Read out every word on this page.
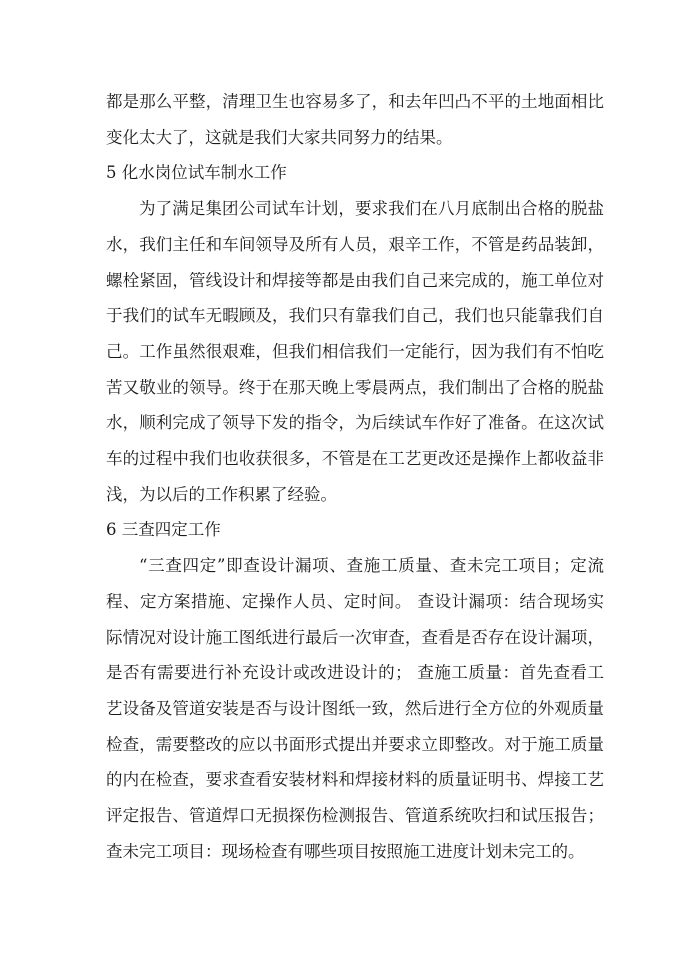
都是那么平整，清理卫生也容易多了，和去年凹凸不平的土地面相比变化太大了，这就是我们大家共同努力的结果。

5 化水岗位试车制水工作

为了满足集团公司试车计划，要求我们在八月底制出合格的脱盐水，我们主任和车间领导及所有人员，艰辛工作，不管是药品装卸，螺栓紧固，管线设计和焊接等都是由我们自己来完成的，施工单位对于我们的试车无暇顾及，我们只有靠我们自己，我们也只能靠我们自己。工作虽然很艰难，但我们相信我们一定能行，因为我们有不怕吃苦又敬业的领导。终于在那天晚上零晨两点，我们制出了合格的脱盐水，顺利完成了领导下发的指令，为后续试车作好了准备。在这次试车的过程中我们也收获很多，不管是在工艺更改还是操作上都收益非浅，为以后的工作积累了经验。

6 三查四定工作

“三查四定”即查设计漏项、查施工质量、查未完工项目；定流程、定方案措施、定操作人员、定时间。 查设计漏项：结合现场实际情况对设计施工图纸进行最后一次审查，查看是否存在设计漏项，是否有需要进行补充设计或改进设计的； 查施工质量：首先查看工艺设备及管道安装是否与设计图纸一致，然后进行全方位的外观质量检查，需要整改的应以书面形式提出并要求立即整改。对于施工质量的内在检查，要求查看安装材料和焊接材料的质量证明书、焊接工艺评定报告、管道焊口无损探伤检测报告、管道系统吹扫和试压报告；查未完工项目：现场检查有哪些项目按照施工进度计划未完工的。
